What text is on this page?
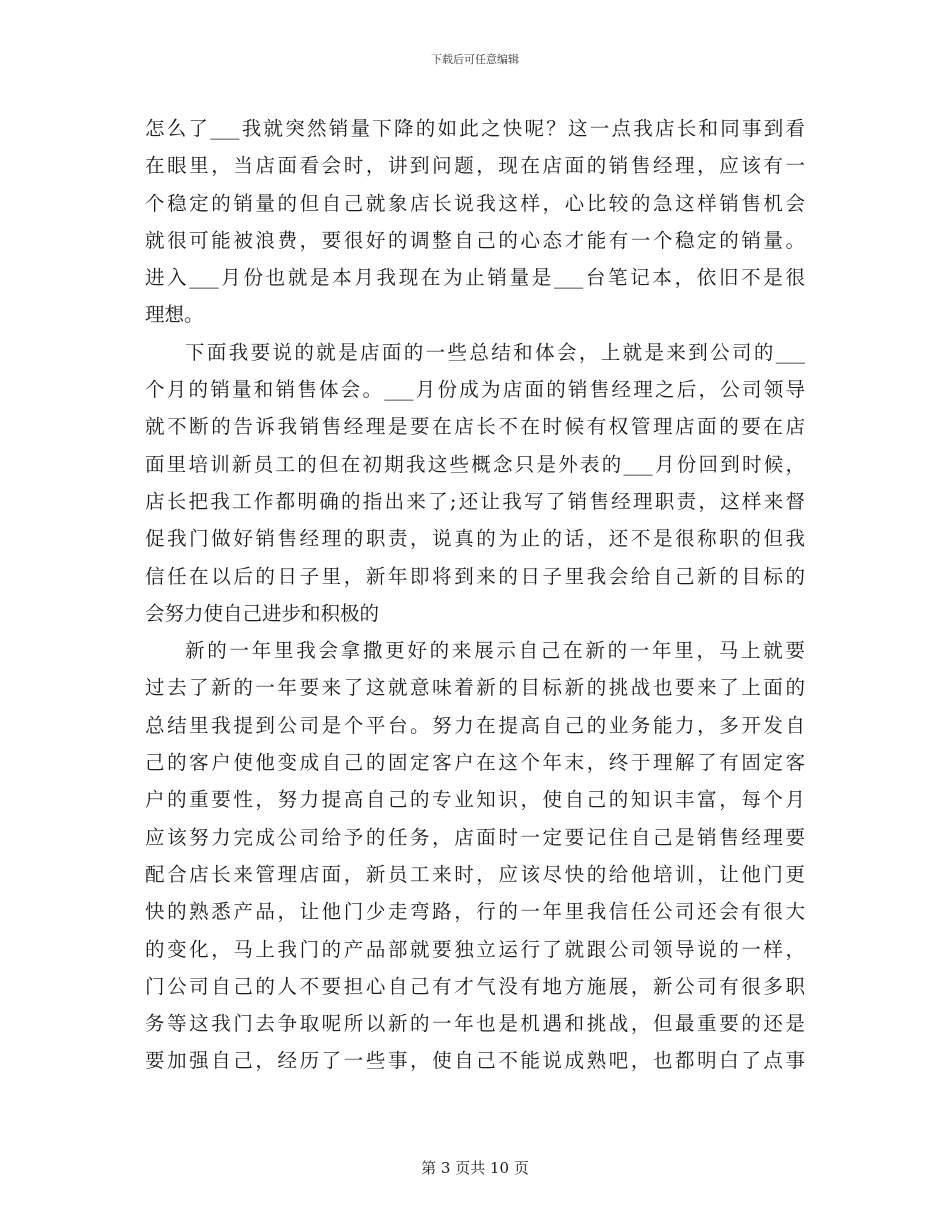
下载后可任意编辑
怎么了___我就突然销量下降的如此之快呢？这一点我店长和同事到看
在眼里，当店面看会时，讲到问题，现在店面的销售经理，应该有一
个稳定的销量的但自己就象店长说我这样，心比较的急这样销售机会
就很可能被浪费，要很好的调整自己的心态才能有一个稳定的销量。
进入___月份也就是本月我现在为止销量是___台笔记本，依旧不是很
理想。
下面我要说的就是店面的一些总结和体会，上就是来到公司的___
个月的销量和销售体会。___月份成为店面的销售经理之后，公司领导
就不断的告诉我销售经理是要在店长不在时候有权管理店面的要在店
面里培训新员工的但在初期我这些概念只是外表的___月份回到时候，
店长把我工作都明确的指出来了;还让我写了销售经理职责，这样来督
促我门做好销售经理的职责，说真的为止的话，还不是很称职的但我
信任在以后的日子里，新年即将到来的日子里我会给自己新的目标的
会努力使自己进步和积极的
新的一年里我会拿撒更好的来展示自己在新的一年里，马上就要
过去了新的一年要来了这就意味着新的目标新的挑战也要来了上面的
总结里我提到公司是个平台。努力在提高自己的业务能力，多开发自
己的客户使他变成自己的固定客户在这个年末，终于理解了有固定客
户的重要性，努力提高自己的专业知识，使自己的知识丰富，每个月
应该努力完成公司给予的任务，店面时一定要记住自己是销售经理要
配合店长来管理店面，新员工来时，应该尽快的给他培训，让他门更
快的熟悉产品，让他门少走弯路，行的一年里我信任公司还会有很大
的变化，马上我门的产品部就要独立运行了就跟公司领导说的一样，
门公司自己的人不要担心自己有才气没有地方施展，新公司有很多职
务等这我门去争取呢所以新的一年也是机遇和挑战，但最重要的还是
要加强自己，经历了一些事，使自己不能说成熟吧，也都明白了点事
第 3 页共 10 页
